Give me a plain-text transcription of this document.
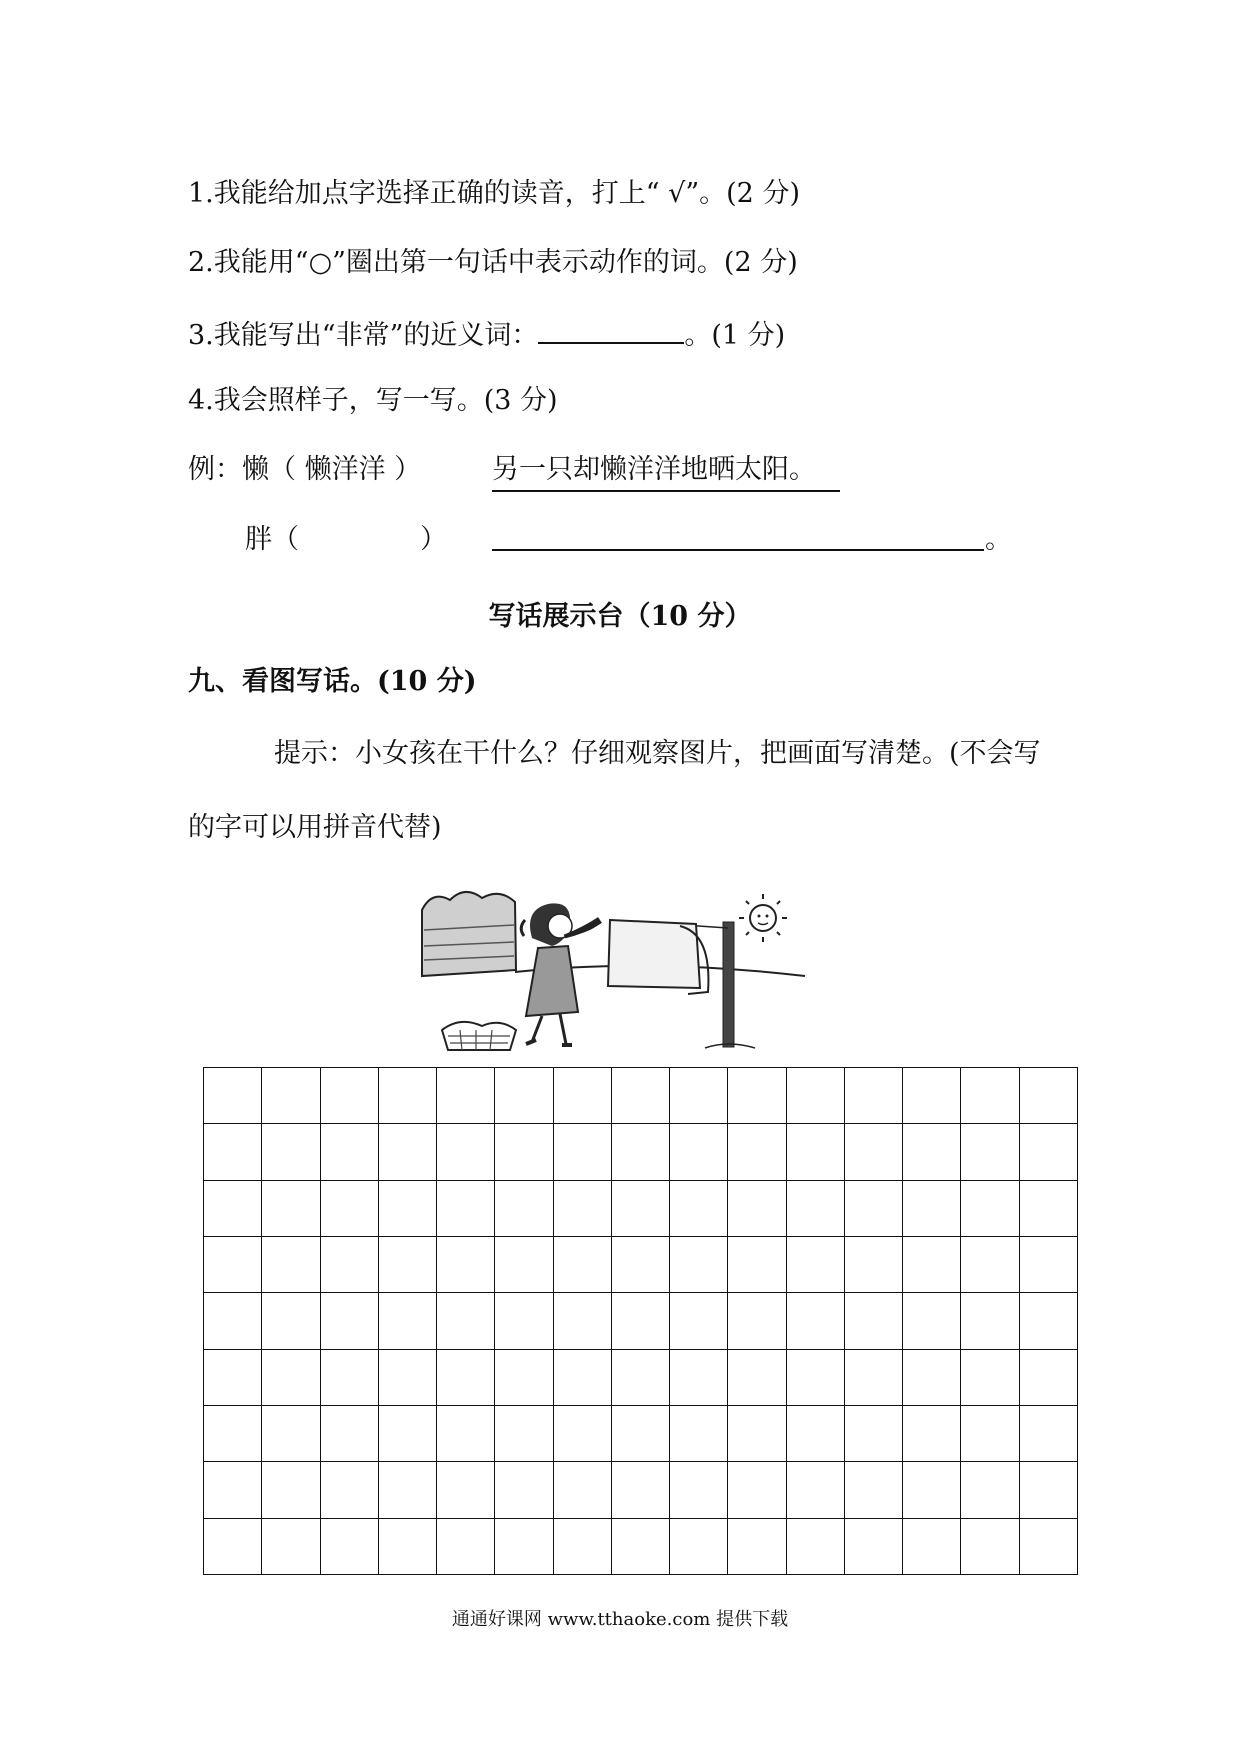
1.我能给加点字选择正确的读音，打上“ √”。(2 分)
2.我能用“○”圈出第一句话中表示动作的词。(2 分)
3.我能写出“非常”的近义词：	。(1 分)
4.我会照样子，写一写。(3 分)
例：懒（ 懒洋洋 ）	另一只却懒洋洋地晒太阳。
胖（	）	。
写话展示台（10 分）
九、看图写话。(10 分)
提示：小女孩在干什么？仔细观察图片，把画面写清楚。(不会写
的字可以用拼音代替)
通通好课网 www.tthaoke.com 提供下载
